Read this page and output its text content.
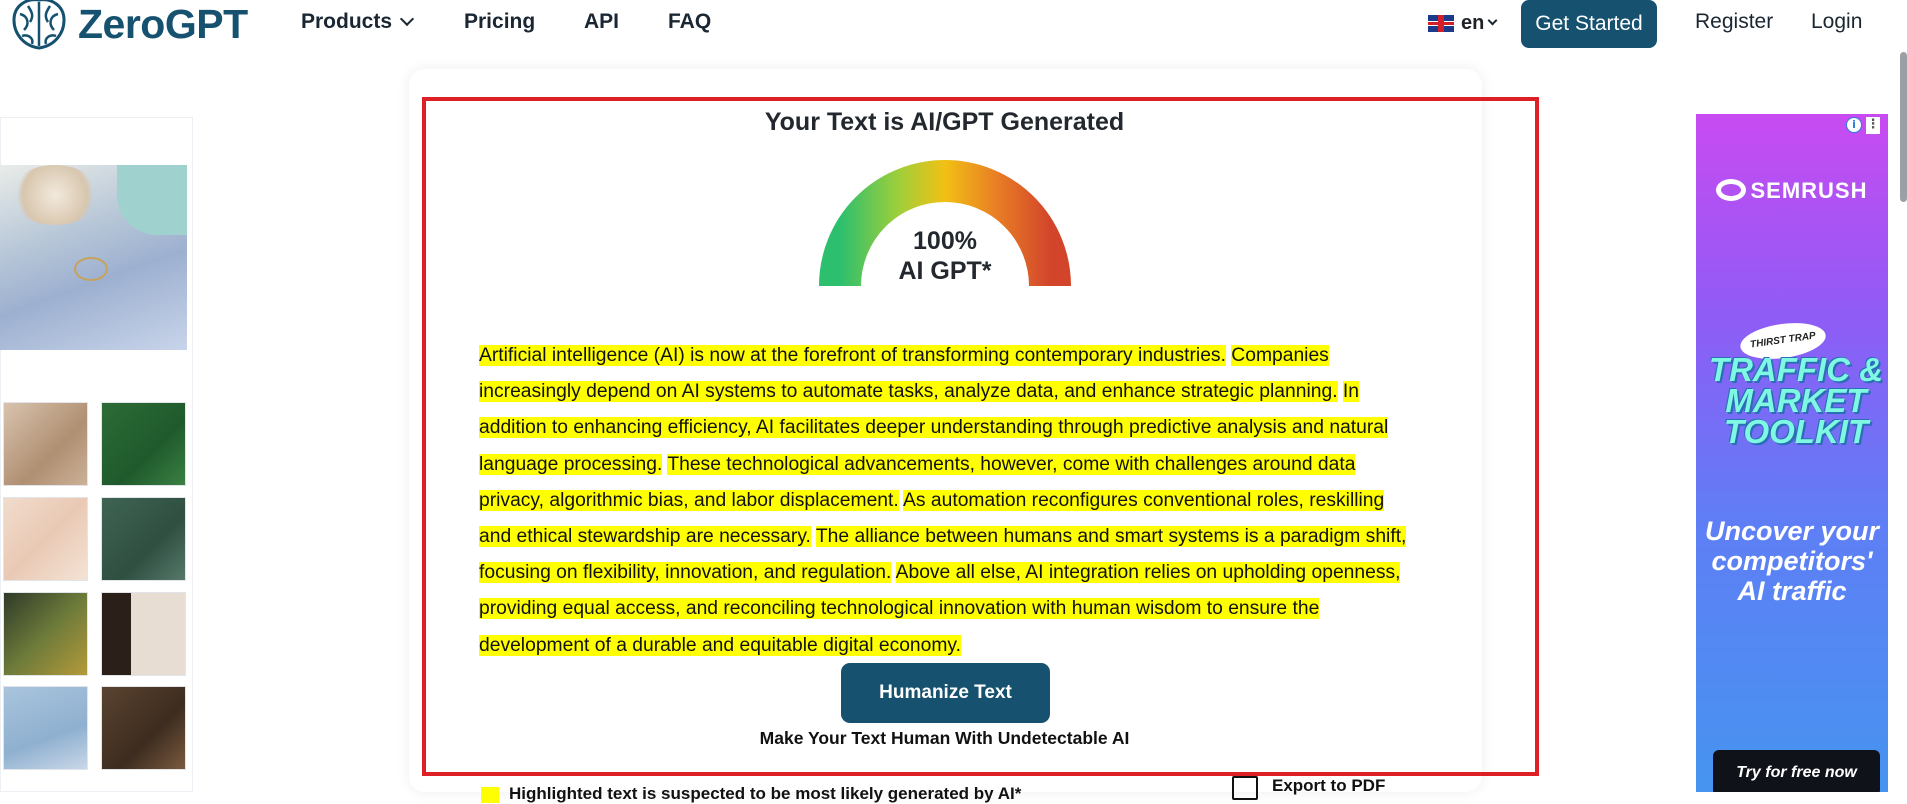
ZeroGPT	Products	Pricing API FAQ	en	Get Started	Register Login
Your Text is AI/GPT Generated
100%
AI GPT*
Artificial intelligence (AI) is now at the forefront of transforming contemporary industries. Companies increasingly depend on AI systems to automate tasks, analyze data, and enhance strategic planning. In addition to enhancing efficiency, AI facilitates deeper understanding through predictive analysis and natural language processing. These technological advancements, however, come with challenges around data privacy, algorithmic bias, and labor displacement. As automation reconfigures conventional roles, reskilling and ethical stewardship are necessary. The alliance between humans and smart systems is a paradigm shift, focusing on flexibility, innovation, and regulation. Above all else, AI integration relies on upholding openness, providing equal access, and reconciling technological innovation with human wisdom to ensure the development of a durable and equitable digital economy.
Humanize Text
Make Your Text Human With Undetectable AI
Highlighted text is suspected to be most likely generated by AI*	Export to PDF
i ⋮
SEMRUSH
THIRST TRAP
TRAFFIC & MARKET TOOLKIT
Uncover your competitors' AI traffic
Try for free now
